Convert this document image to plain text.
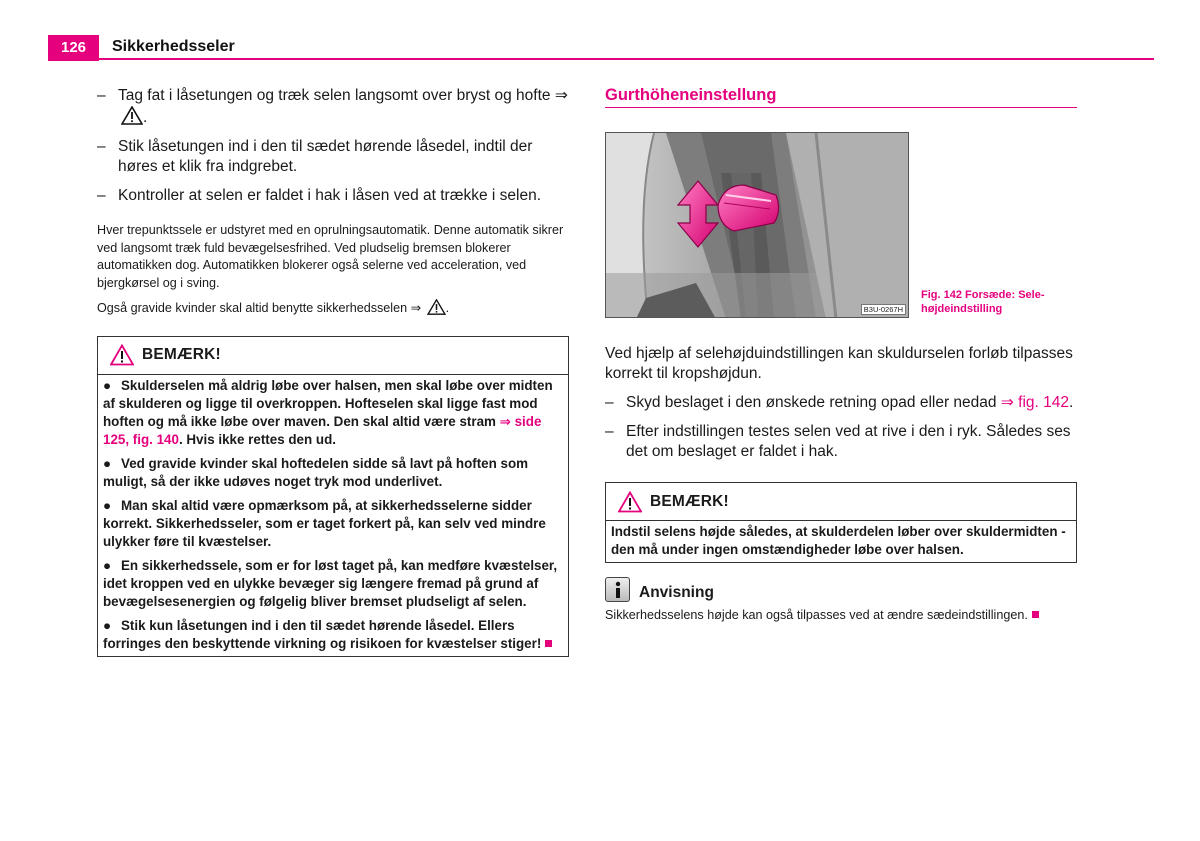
126	Sikkerhedsseler
– Tag fat i låsetungen og træk selen langsomt over bryst og hofte ⇒ .
– Stik låsetungen ind i den til sædet hørende låsedel, indtil der høres et klik fra indgrebet.
– Kontroller at selen er faldet i hak i låsen ved at trække i selen.

Hver trepunktssele er udstyret med en oprulningsautomatik. Denne automatik sikrer ved langsomt træk fuld bevægelsesfrihed. Ved pludselig bremsen blokerer automatikken dog. Automatikken blokerer også selerne ved acceleration, ved bjergkørsel og i sving.

Også gravide kvinder skal altid benytte sikkerhedsselen ⇒ .

BEMÆRK!
● Skulderselen må aldrig løbe over halsen, men skal løbe over midten af skulderen og ligge til overkroppen. Hofteselen skal ligge fast mod hoften og må ikke løbe over maven. Den skal altid være stram ⇒ side 125, fig. 140. Hvis ikke rettes den ud.
● Ved gravide kvinder skal hoftedelen sidde så lavt på hoften som muligt, så der ikke udøves noget tryk mod underlivet.
● Man skal altid være opmærksom på, at sikkerhedsselerne sidder korrekt. Sikkerhedsseler, som er taget forkert på, kan selv ved mindre ulykker føre til kvæstelser.
● En sikkerhedssele, som er for løst taget på, kan medføre kvæstelser, idet kroppen ved en ulykke bevæger sig længere fremad på grund af bevægelsesenergien og følgelig bliver bremset pludseligt af selen.
● Stik kun låsetungen ind i den til sædet hørende låsedel. Ellers forringes den beskyttende virkning og risikoen for kvæstelser stiger!
Gurthöheneinstellung
B3U-0267H
Fig. 142 Forsæde: Sele-
højdeindstilling

Ved hjælp af selehøjduindstillingen kan skuldurselen forløb tilpasses korrekt til kropshøjdun.

– Skyd beslaget i den ønskede retning opad eller nedad ⇒ fig. 142.
– Efter indstillingen testes selen ved at rive i den i ryk. Således ses det om beslaget er faldet i hak.
BEMÆRK!
Indstil selens højde således, at skulderdelen løber over skuldermidten - den må under ingen omstændigheder løbe over halsen.
Anvisning

Sikkerhedsselens højde kan også tilpasses ved at ændre sædeindstillingen.
